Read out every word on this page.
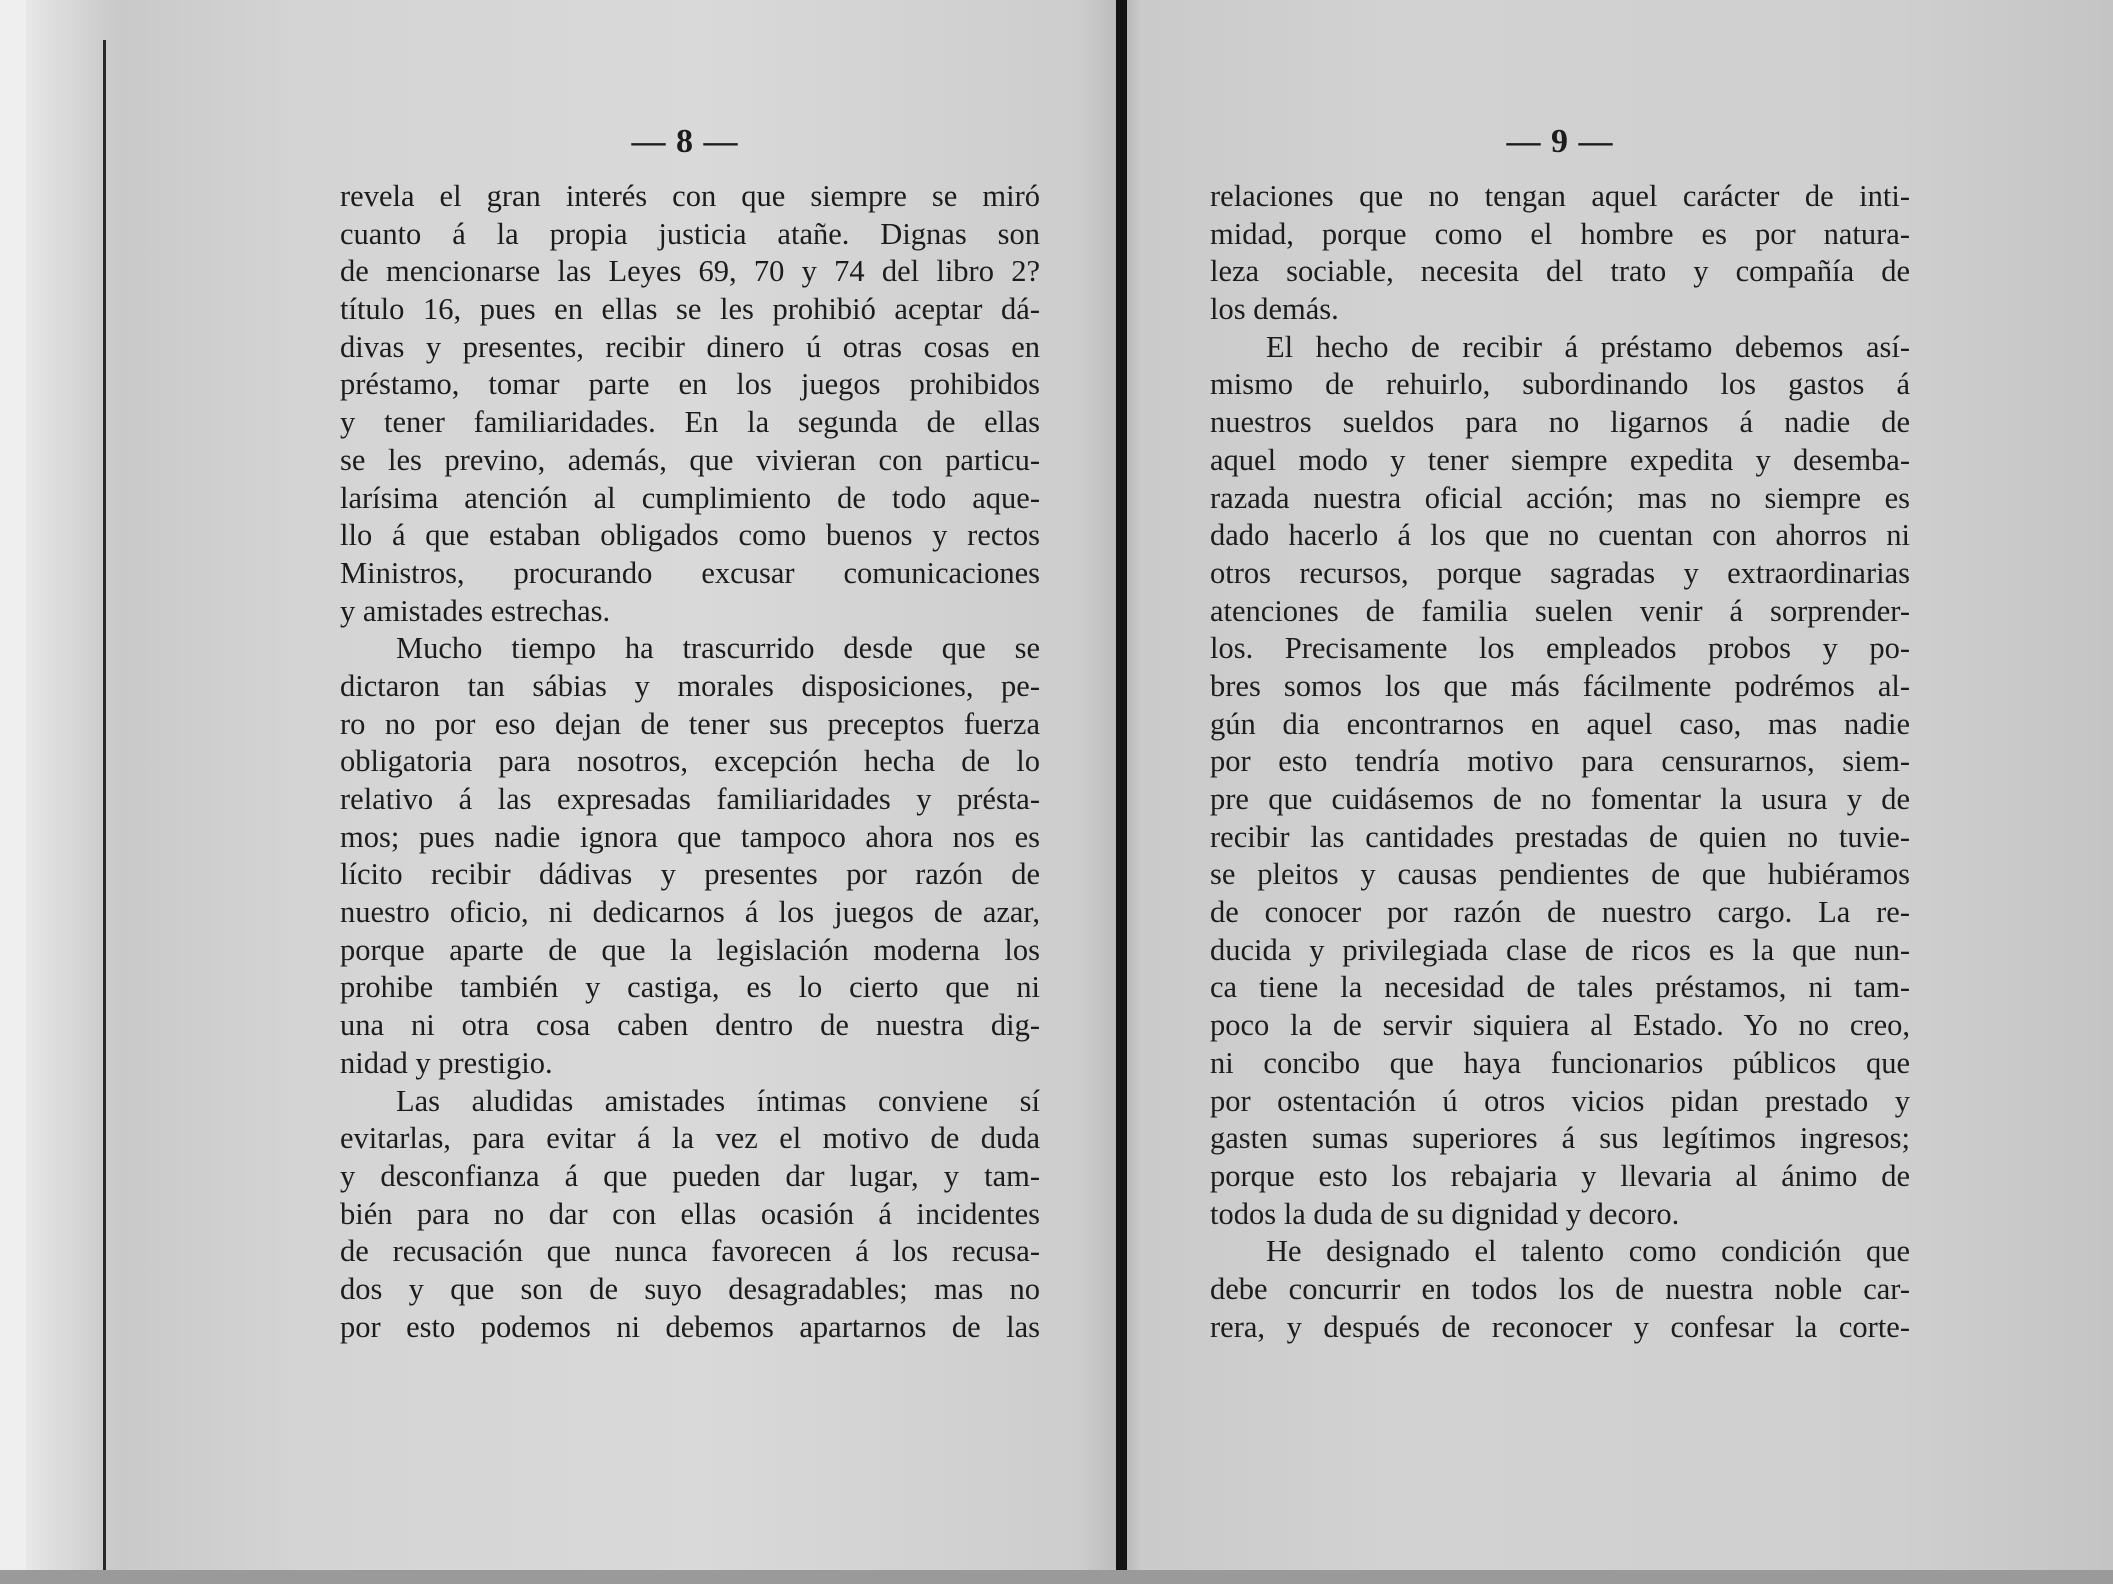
— 8 —
revela el gran interés con que siempre se miró
cuanto á la propia justicia atañe. Dignas son
de mencionarse las Leyes 69, 70 y 74 del libro 2?
título 16, pues en ellas se les prohibió aceptar dá-
divas y presentes, recibir dinero ú otras cosas en
préstamo, tomar parte en los juegos prohibidos
y tener familiaridades. En la segunda de ellas
se les previno, además, que vivieran con particu-
larísima atención al cumplimiento de todo aque-
llo á que estaban obligados como buenos y rectos
Ministros, procurando excusar comunicaciones
y amistades estrechas.
Mucho tiempo ha trascurrido desde que se
dictaron tan sábias y morales disposiciones, pe-
ro no por eso dejan de tener sus preceptos fuerza
obligatoria para nosotros, excepción hecha de lo
relativo á las expresadas familiaridades y présta-
mos; pues nadie ignora que tampoco ahora nos es
lícito recibir dádivas y presentes por razón de
nuestro oficio, ni dedicarnos á los juegos de azar,
porque aparte de que la legislación moderna los
prohibe también y castiga, es lo cierto que ni
una ni otra cosa caben dentro de nuestra dig-
nidad y prestigio.
Las aludidas amistades íntimas conviene sí
evitarlas, para evitar á la vez el motivo de duda
y desconfianza á que pueden dar lugar, y tam-
bién para no dar con ellas ocasión á incidentes
de recusación que nunca favorecen á los recusa-
dos y que son de suyo desagradables; mas no
por esto podemos ni debemos apartarnos de las
— 9 —
relaciones que no tengan aquel carácter de inti-
midad, porque como el hombre es por natura-
leza sociable, necesita del trato y compañía de
los demás.
El hecho de recibir á préstamo debemos así-
mismo de rehuirlo, subordinando los gastos á
nuestros sueldos para no ligarnos á nadie de
aquel modo y tener siempre expedita y desemba-
razada nuestra oficial acción; mas no siempre es
dado hacerlo á los que no cuentan con ahorros ni
otros recursos, porque sagradas y extraordinarias
atenciones de familia suelen venir á sorprender-
los. Precisamente los empleados probos y po-
bres somos los que más fácilmente podrémos al-
gún dia encontrarnos en aquel caso, mas nadie
por esto tendría motivo para censurarnos, siem-
pre que cuidásemos de no fomentar la usura y de
recibir las cantidades prestadas de quien no tuvie-
se pleitos y causas pendientes de que hubiéramos
de conocer por razón de nuestro cargo. La re-
ducida y privilegiada clase de ricos es la que nun-
ca tiene la necesidad de tales préstamos, ni tam-
poco la de servir siquiera al Estado. Yo no creo,
ni concibo que haya funcionarios públicos que
por ostentación ú otros vicios pidan prestado y
gasten sumas superiores á sus legítimos ingresos;
porque esto los rebajaria y llevaria al ánimo de
todos la duda de su dignidad y decoro.
He designado el talento como condición que
debe concurrir en todos los de nuestra noble car-
rera, y después de reconocer y confesar la corte-
